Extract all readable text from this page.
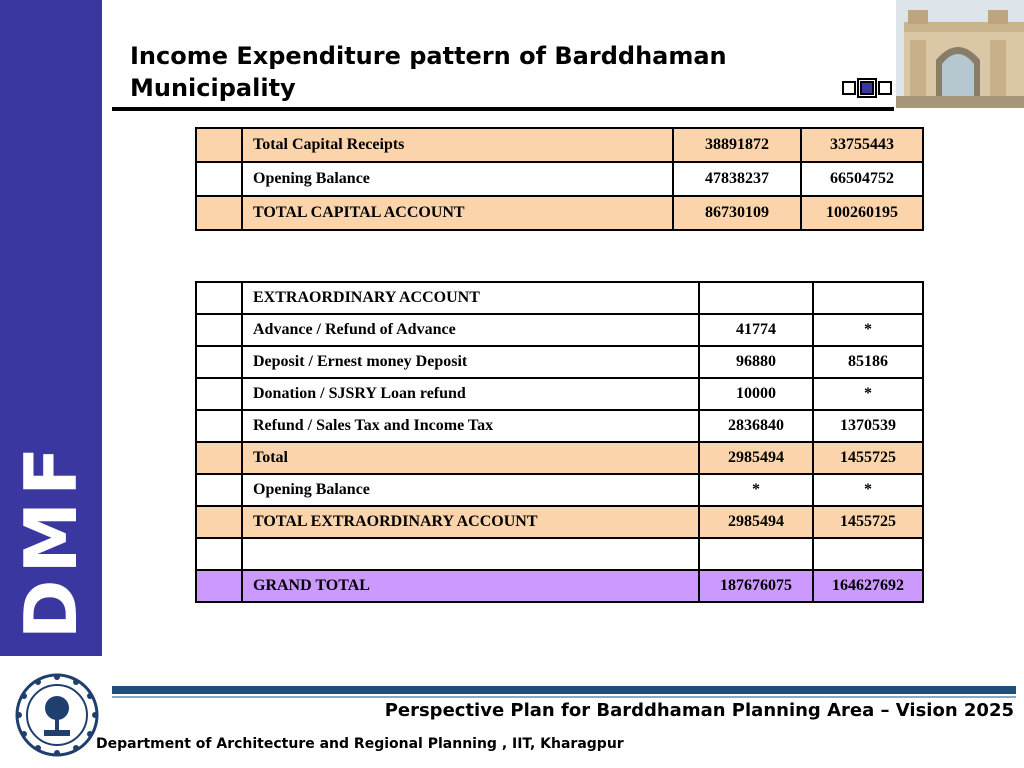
DMF
Income Expenditure pattern of Barddhaman Municipality
	Total Capital Receipts	38891872	33755443
	Opening Balance	47838237	66504752
	TOTAL CAPITAL ACCOUNT	86730109	100260195
	EXTRAORDINARY ACCOUNT		
	Advance / Refund of Advance	41774	*
	Deposit / Ernest money Deposit	96880	85186
	Donation / SJSRY Loan refund	10000	*
	Refund / Sales Tax and Income Tax	2836840	1370539
	Total	2985494	1455725
	Opening Balance	*	*
	TOTAL EXTRAORDINARY ACCOUNT	2985494	1455725

	GRAND TOTAL	187676075	164627692
Perspective Plan for Barddhaman Planning Area – Vision 2025
Department of Architecture and Regional Planning , IIT, Kharagpur
